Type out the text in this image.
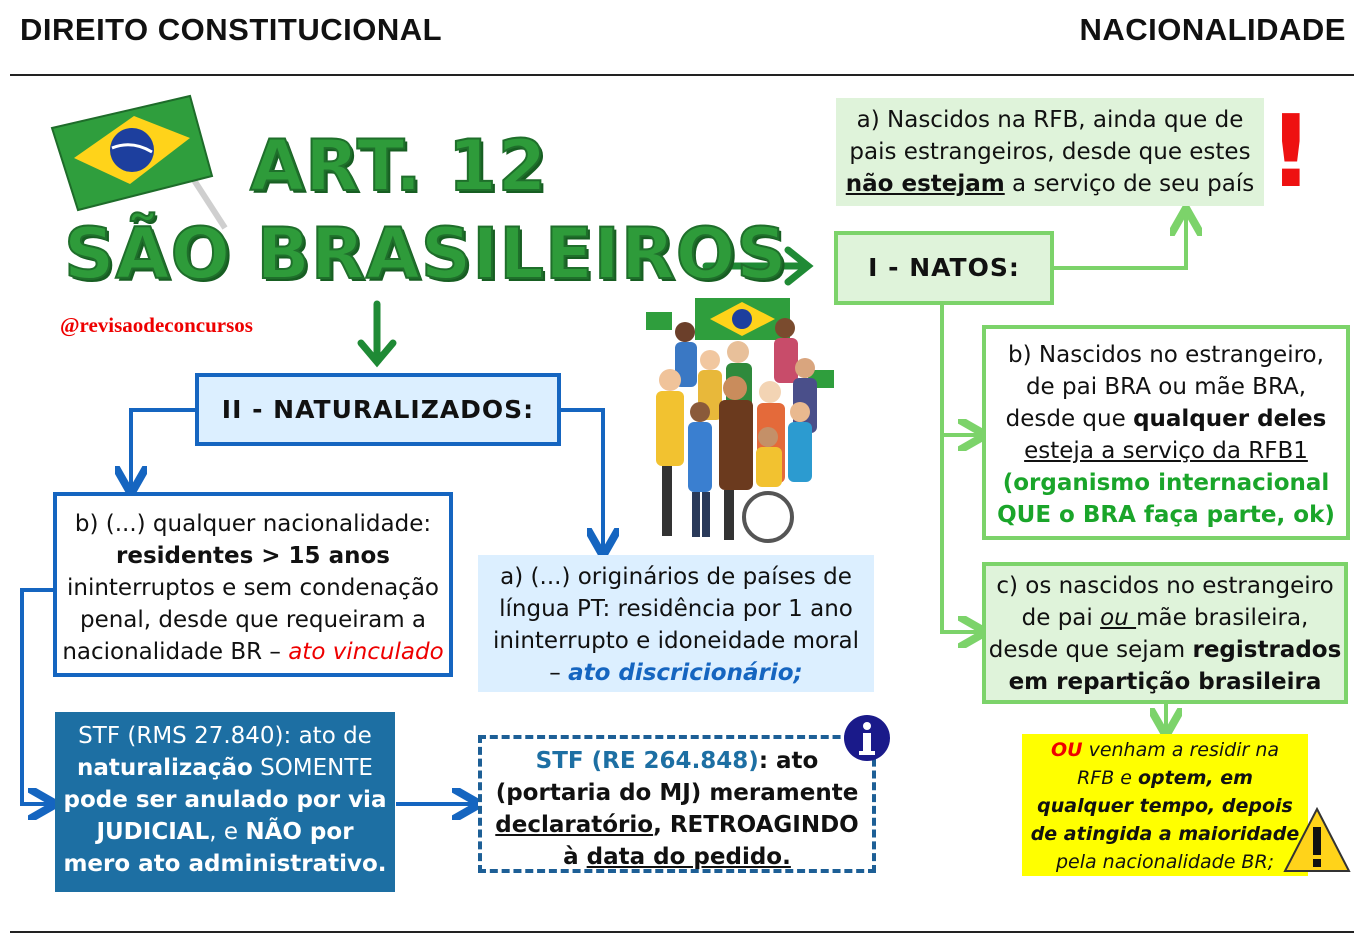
DIREITO CONSTITUCIONAL	NACIONALIDADE
ART. 12
SÃO BRASILEIROS
@revisaodeconcursos
I - NATOS:
a) Nascidos na RFB, ainda que de
pais estrangeiros, desde que estes
não estejam a serviço de seu país !
b) Nascidos no estrangeiro,
de pai BRA ou mãe BRA,
desde que qualquer deles
esteja a serviço da RFB1
(organismo internacional
QUE o BRA faça parte, ok)
c) os nascidos no estrangeiro
de pai ou mãe brasileira,
desde que sejam registrados
em repartição brasileira
OU venham a residir na
RFB e optem, em
qualquer tempo, depois
de atingida a maioridade
pela nacionalidade BR;
II - NATURALIZADOS:
b) (...) qualquer nacionalidade:
residentes > 15 anos
ininterruptos e sem condenação
penal, desde que requeiram a
nacionalidade BR – ato vinculado
a) (...) originários de países de
língua PT: residência por 1 ano
ininterrupto e idoneidade moral
– ato discricionário;
STF (RMS 27.840): ato de
naturalização SOMENTE
pode ser anulado por via
JUDICIAL, e NÃO por
mero ato administrativo.
STF (RE 264.848): ato
(portaria do MJ) meramente
declaratório, RETROAGINDO
à data do pedido.
